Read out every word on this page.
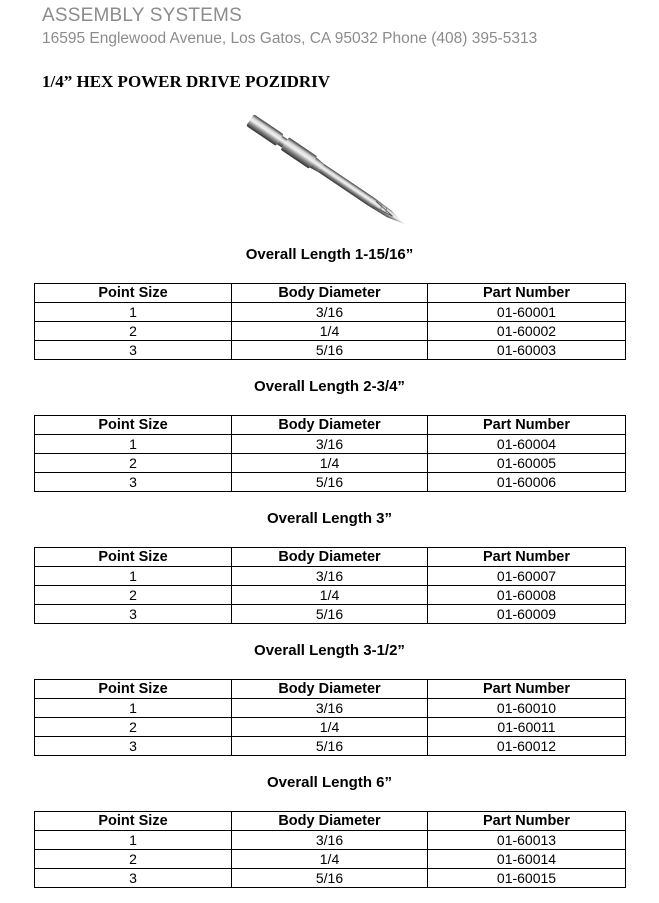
ASSEMBLY SYSTEMS

16595 Englewood Avenue, Los Gatos, CA 95032 Phone (408) 395-5313

1/4” HEX POWER DRIVE POZIDRIV
Overall Length 1-15/16”
Point Size	Body Diameter	Part Number
1	3/16	01-60001
2	1/4	01-60002
3	5/16	01-60003
Overall Length 2-3/4”
Point Size	Body Diameter	Part Number
1	3/16	01-60004
2	1/4	01-60005
3	5/16	01-60006
Overall Length 3”
Point Size	Body Diameter	Part Number
1	3/16	01-60007
2	1/4	01-60008
3	5/16	01-60009
Overall Length 3-1/2”
Point Size	Body Diameter	Part Number
1	3/16	01-60010
2	1/4	01-60011
3	5/16	01-60012
Overall Length 6”
Point Size	Body Diameter	Part Number
1	3/16	01-60013
2	1/4	01-60014
3	5/16	01-60015
